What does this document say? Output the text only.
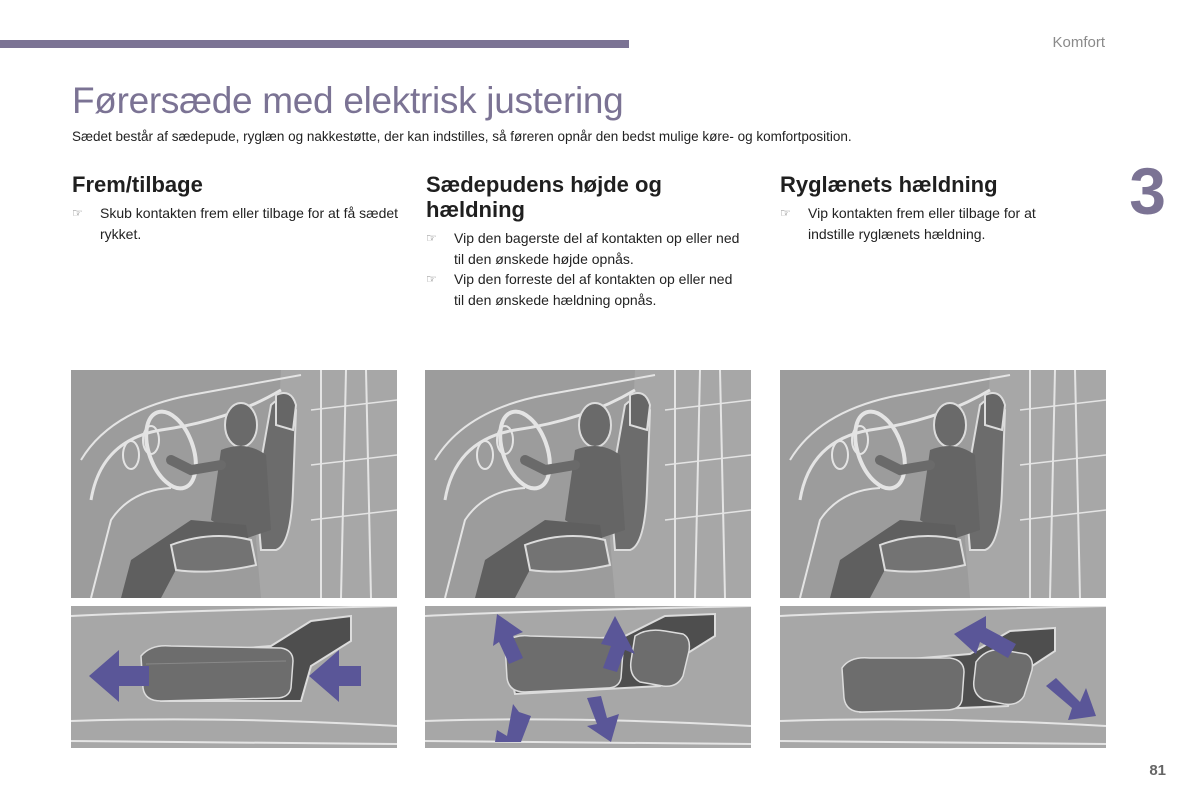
Komfort
3
Førersæde med elektrisk justering

Sædet består af sædepude, ryglæn og nakkestøtte, der kan indstilles, så føreren opnår den bedst mulige køre- og komfortposition.

Frem/tilbage
☞ Skub kontakten frem eller tilbage for at få sædet rykket.
Sædepudens højde og hældning
☞ Vip den bagerste del af kontakten op eller ned til den ønskede højde opnås.
☞ Vip den forreste del af kontakten op eller ned til den ønskede hældning opnås.
Ryglænets hældning
☞ Vip kontakten frem eller tilbage for at indstille ryglænets hældning.
81
